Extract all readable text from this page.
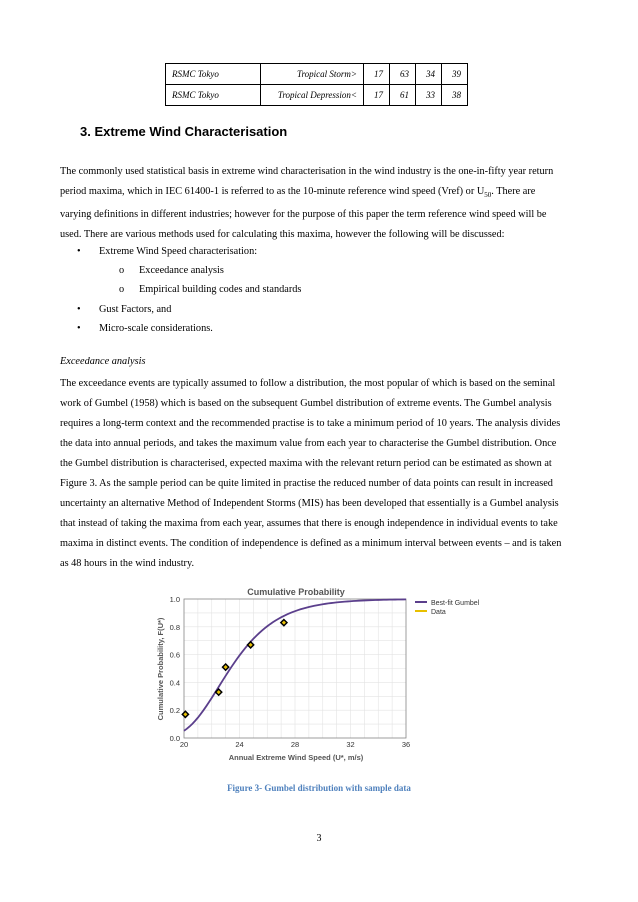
RSMC Tokyo	Tropical Storm>	17	63	34	39
RSMC Tokyo	Tropical Depression<	17	61	33	38
3. Extreme Wind Characterisation
The commonly used statistical basis in extreme wind characterisation in the wind industry is the one-in-fifty year return
period maxima, which in IEC 61400-1 is referred to as the 10-minute reference wind speed (Vref) or $U_{50}$. There are
varying definitions in different industries; however for the purpose of this paper the term reference wind speed will be
used. There are various methods used for calculating this maxima, however the following will be discussed:
• Extreme Wind Speed characterisation:
o Exceedance analysis
o Empirical building codes and standards
• Gust Factors, and
• Micro-scale considerations.
Exceedance analysis
The exceedance events are typically assumed to follow a distribution, the most popular of which is based on the seminal
work of Gumbel (1958) which is based on the subsequent Gumbel distribution of extreme events. The Gumbel analysis
requires a long-term context and the recommended practise is to take a minimum period of 10 years. The analysis divides
the data into annual periods, and takes the maximum value from each year to characterise the Gumbel distribution. Once
the Gumbel distribution is characterised, expected maxima with the relevant return period can be estimated as shown at
Figure 3. As the sample period can be quite limited in practise the reduced number of data points can result in increased
uncertainty an alternative Method of Independent Storms (MIS) has been developed that essentially is a Gumbel analysis
that instead of taking the maxima from each year, assumes that there is enough independence in individual events to take
maxima in distinct events. The condition of independence is defined as a minimum interval between events – and is taken
as 48 hours in the wind industry.
Cumulative Probability
0.0
0.2
0.4
0.6
0.8
1.0
20	24	28	32	36
Annual Extreme Wind Speed (U*, m/s)
Cumulative Probability, F(U*)
Best-fit Gumbel
Data
Figure 3- Gumbel distribution with sample data
3
